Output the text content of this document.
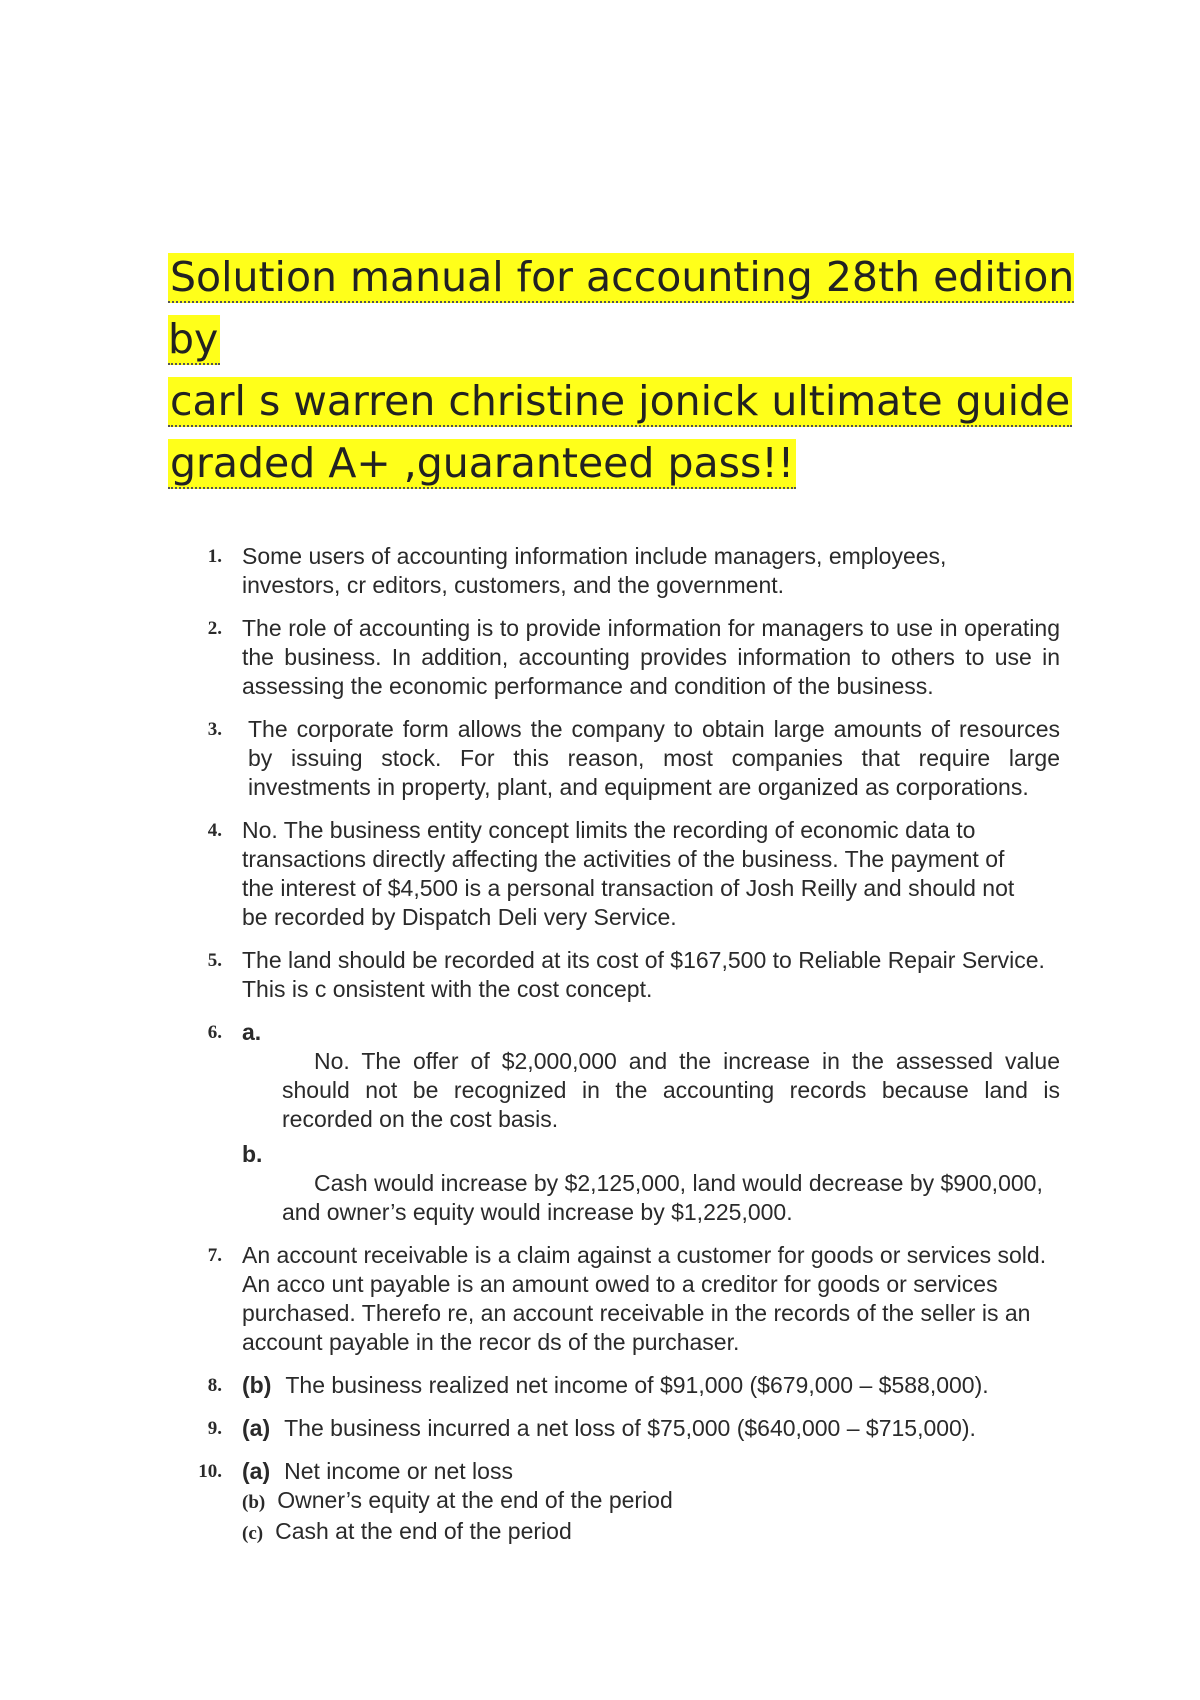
Solution manual for accounting 28th edition by
carl s warren christine jonick ultimate guide
graded A+ ,guaranteed pass!!
1. Some users of accounting information include managers, employees, investors, cr editors, customers, and the government.
2. The role of accounting is to provide information for managers to use in operating the business. In addition, accounting provides information to others to use in assessing the economic performance and condition of the business.
3. The corporate form allows the company to obtain large amounts of resources by issuing stock. For this reason, most companies that require large investments in property, plant, and equipment are organized as corporations.
4. No. The business entity concept limits the recording of economic data to transactions directly affecting the activities of the business. The payment of the interest of $4,500 is a personal transaction of Josh Reilly and should not be recorded by Dispatch Deli very Service.
5. The land should be recorded at its cost of $167,500 to Reliable Repair Service. This is c onsistent with the cost concept.
6. a.
No. The offer of $2,000,000 and the increase in the assessed value should not be recognized in the accounting records because land is recorded on the cost basis.
b.
Cash would increase by $2,125,000, land would decrease by $900,000, and owner’s equity would increase by $1,225,000.
7. An account receivable is a claim against a customer for goods or services sold. An acco unt payable is an amount owed to a creditor for goods or services purchased. Therefo re, an account receivable in the records of the seller is an account payable in the recor ds of the purchaser.
8. (b) The business realized net income of $91,000 ($679,000 – $588,000).
9. (a) The business incurred a net loss of $75,000 ($640,000 – $715,000).
10. (a) Net income or net loss
(b) Owner’s equity at the end of the period
(c) Cash at the end of the period
